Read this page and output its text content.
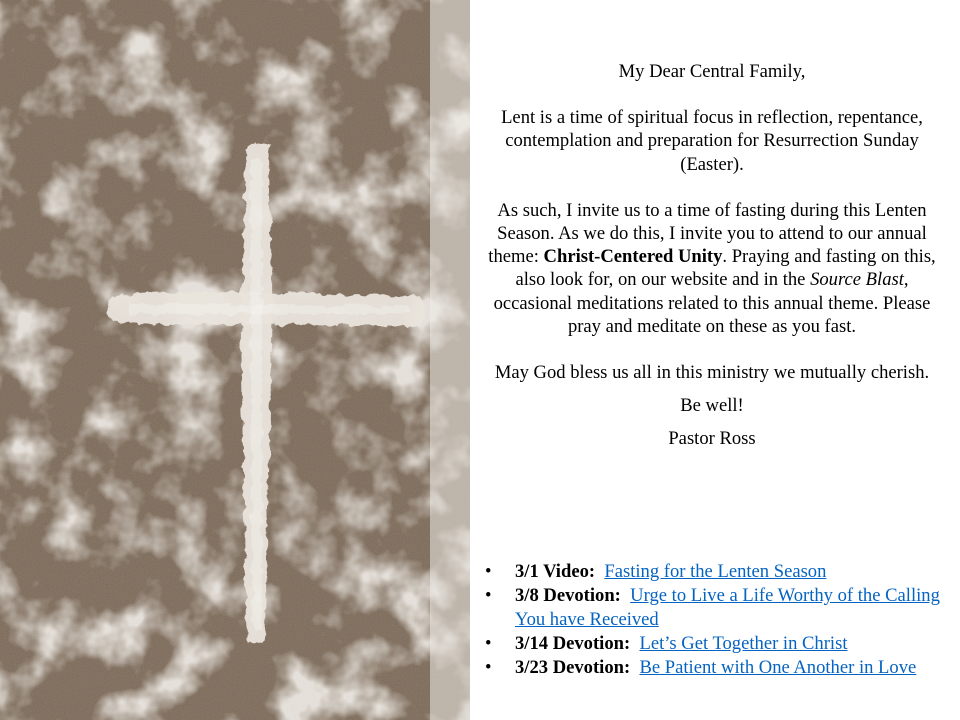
My Dear Central Family,

Lent is a time of spiritual focus in reflection, repentance, contemplation and preparation for Resurrection Sunday (Easter).

As such, I invite us to a time of fasting during this Lenten Season. As we do this, I invite you to attend to our annual theme: Christ-Centered Unity. Praying and fasting on this, also look for, on our website and in the Source Blast, occasional meditations related to this annual theme. Please pray and meditate on these as you fast.

May God bless us all in this ministry we mutually cherish.

Be well!

Pastor Ross

• 3/1 Video: Fasting for the Lenten Season
• 3/8 Devotion: Urge to Live a Life Worthy of the Calling You have Received
• 3/14 Devotion: Let’s Get Together in Christ
• 3/23 Devotion: Be Patient with One Another in Love
